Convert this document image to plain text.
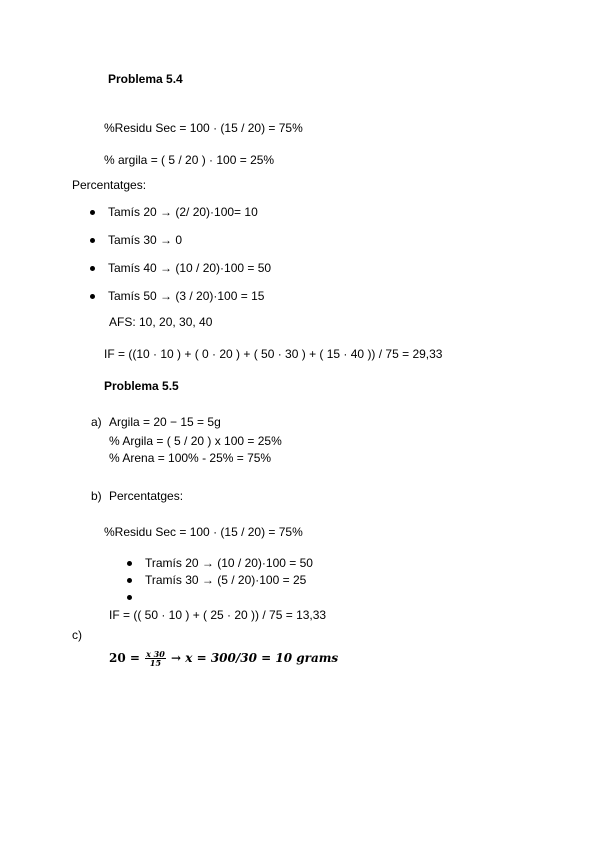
Problema 5.4
%Residu Sec = 100 · (15 / 20) = 75%
% argila = ( 5 / 20 ) · 100 = 25%
Percentatges:
Tamís 20 → (2/ 20)·100= 10
Tamís 30 → 0
Tamís 40 → (10 / 20)·100 = 50
Tamís 50 → (3 / 20)·100 = 15
AFS: 10, 20, 30, 40
IF = ((10 · 10 ) + ( 0 · 20 ) + ( 50 · 30 ) + ( 15 · 40 )) / 75 = 29,33
Problema 5.5
a) Argila = 20 − 15 = 5g
% Argila = ( 5 / 20 ) x 100 = 25%
% Arena = 100% - 25% = 75%
b) Percentatges:
%Residu Sec = 100 · (15 / 20) = 75%
Tramís 20 → (10 / 20)·100 = 50
Tramís 30 → (5 / 20)·100 = 25
IF = (( 50 · 10 ) + ( 25 · 20 )) / 75 = 13,33
c)
$20 = \frac{x 30}{15} \to x = 300/30 = 10$ grams
